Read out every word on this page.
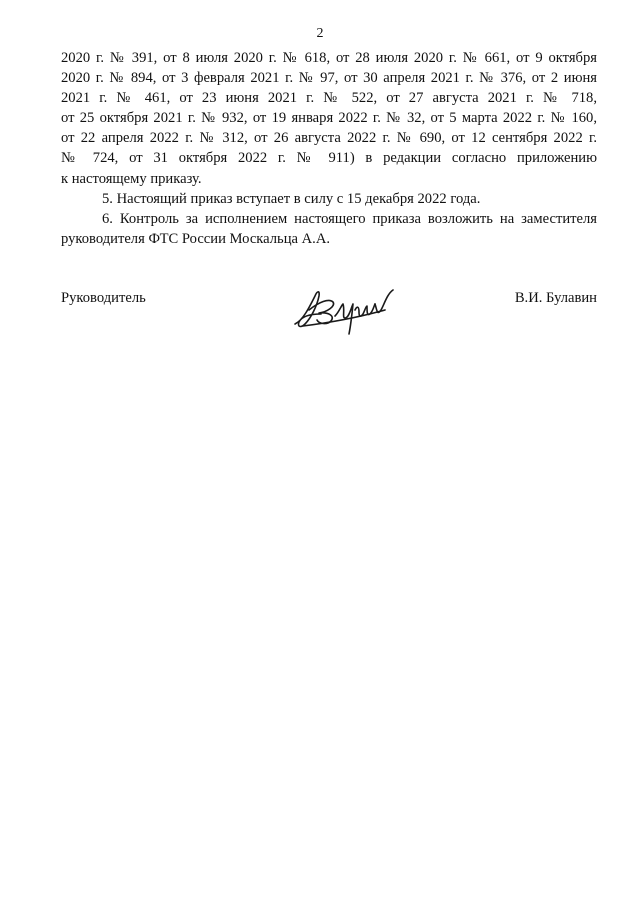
2

2020 г. № 391, от 8 июля 2020 г. № 618, от 28 июля 2020 г. № 661, от 9 октября
2020 г. № 894, от 3 февраля 2021 г. № 97, от 30 апреля 2021 г. № 376, от 2 июня
2021 г. № 461, от 23 июня 2021 г. № 522, от 27 августа 2021 г. № 718,
от 25 октября 2021 г. № 932, от 19 января 2022 г. № 32, от 5 марта 2022 г. № 160,
от 22 апреля 2022 г. № 312, от 26 августа 2022 г. № 690, от 12 сентября 2022 г.
№ 724, от 31 октября 2022 г. № 911) в редакции согласно приложению
к настоящему приказу.

5. Настоящий приказ вступает в силу с 15 декабря 2022 года.

6. Контроль за исполнением настоящего приказа возложить на заместителя
руководителя ФТС России Москальца А.А.

Руководитель	В.И. Булавин
